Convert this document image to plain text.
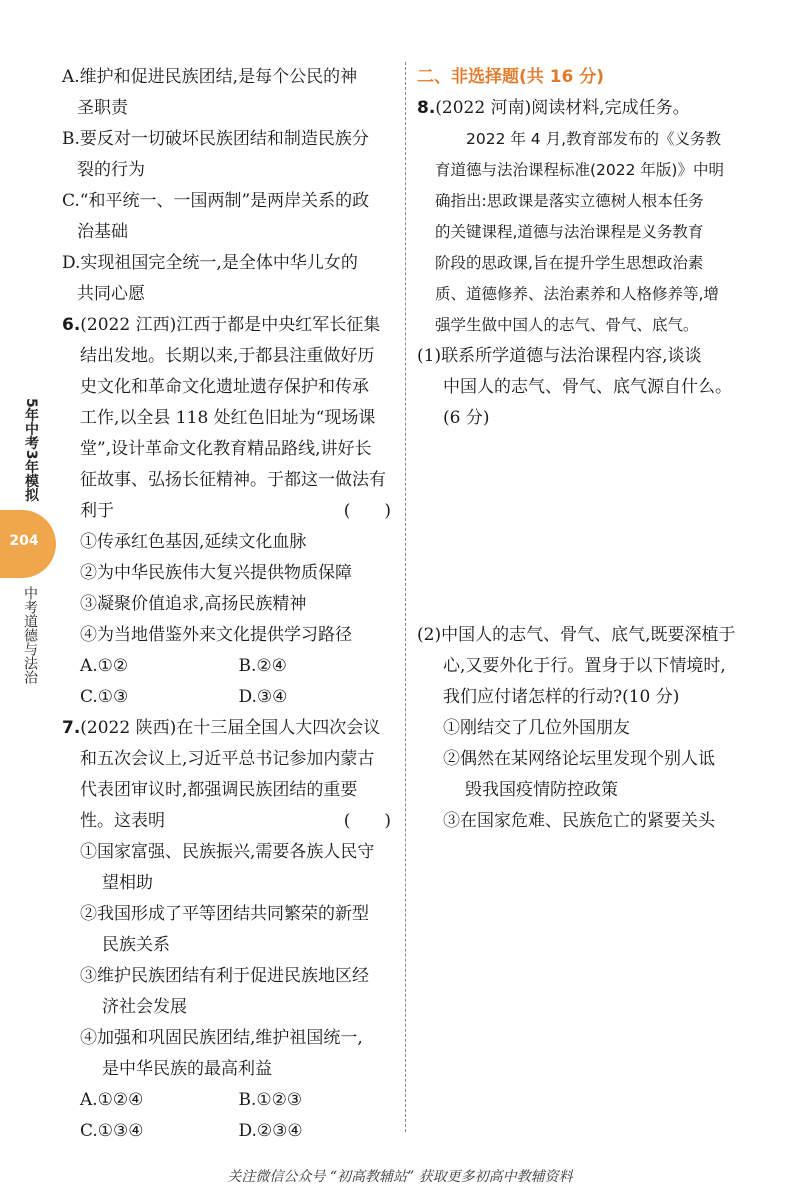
5年中考3年模拟
204
中考道德与法治

A.维护和促进民族团结,是每个公民的神
圣职责

B.要反对一切破坏民族团结和制造民族分
裂的行为

C.“和平统一、一国两制”是两岸关系的政
治基础

D.实现祖国完全统一,是全体中华儿女的
共同心愿

6.(2022 江西)江西于都是中央红军长征集
结出发地。长期以来,于都县注重做好历
史文化和革命文化遗址遗存保护和传承
工作,以全县 118 处红色旧址为“现场课
堂”,设计革命文化教育精品路线,讲好长
征故事、弘扬长征精神。于都这一做法有
利于	(　　)
①传承红色基因,延续文化血脉
②为中华民族伟大复兴提供物质保障
③凝聚价值追求,高扬民族精神
④为当地借鉴外来文化提供学习路径
A.①②	B.②④
C.①③	D.③④
7.(2022 陕西)在十三届全国人大四次会议
和五次会议上,习近平总书记参加内蒙古
代表团审议时,都强调民族团结的重要
性。这表明	(　　)
①国家富强、民族振兴,需要各族人民守
望相助
②我国形成了平等团结共同繁荣的新型
民族关系
③维护民族团结有利于促进民族地区经
济社会发展
④加强和巩固民族团结,维护祖国统一,
是中华民族的最高利益
A.①②④	B.①②③
C.①③④	D.②③④

二、非选择题(共 16 分)

8.(2022 河南)阅读材料,完成任务。
　　2022 年 4 月,教育部发布的《义务教
育道德与法治课程标准(2022 年版)》中明
确指出:思政课是落实立德树人根本任务
的关键课程,道德与法治课程是义务教育
阶段的思政课,旨在提升学生思想政治素
质、道德修养、法治素养和人格修养等,增
强学生做中国人的志气、骨气、底气。
(1)联系所学道德与法治课程内容,谈谈
中国人的志气、骨气、底气源自什么。
(6 分)
(2)中国人的志气、骨气、底气,既要深植于
心,又要外化于行。置身于以下情境时,
我们应付诸怎样的行动?(10 分)
①刚结交了几位外国朋友
②偶然在某网络论坛里发现个别人诋
毁我国疫情防控政策
③在国家危难、民族危亡的紧要关头
关注微信公众号 “初高教辅站” 获取更多初高中教辅资料
